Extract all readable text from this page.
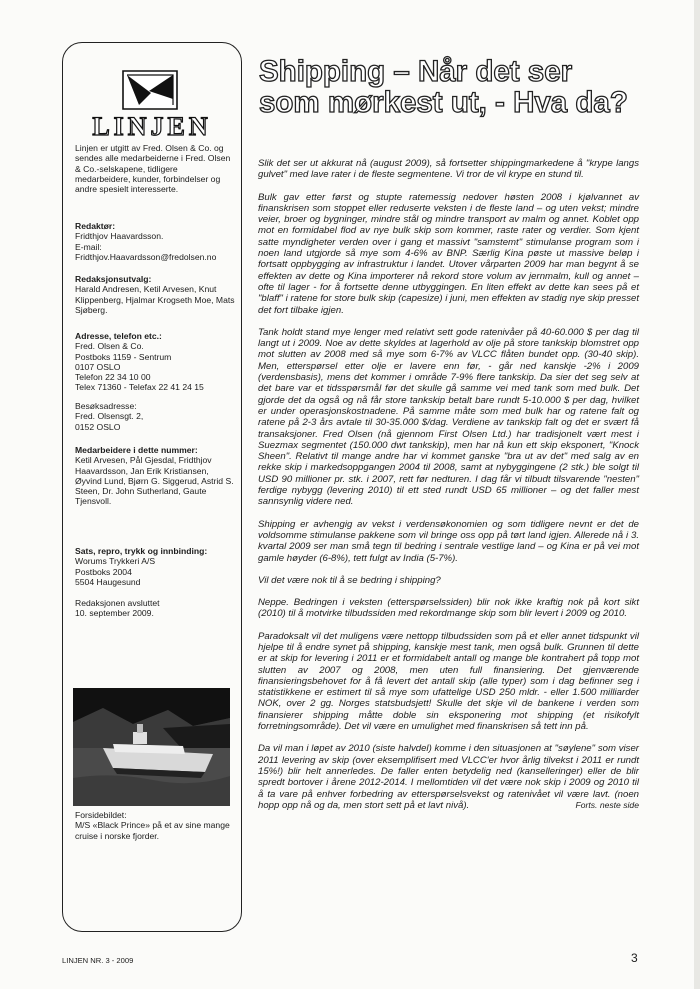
LINJEN
Linjen er utgitt av Fred. Olsen & Co. og sendes alle medarbeiderne i Fred. Olsen & Co.-selskapene, tidligere medarbeidere, kunder, forbindelser og andre spesielt interesserte.
Redaktør:
Fridthjov Haavardsson.
E-mail:
Fridthjov.Haavardsson@fredolsen.no
Redaksjonsutvalg:
Harald Andresen, Ketil Arvesen, Knut Klippenberg, Hjalmar Krogseth Moe, Mats Sjøberg.
Adresse, telefon etc.:
Fred. Olsen & Co.
Postboks 1159 - Sentrum
0107 OSLO
Telefon 22 34 10 00
Telex 71360 - Telefax 22 41 24 15
Besøksadresse:
Fred. Olsensgt. 2,
0152 OSLO
Medarbeidere i dette nummer:
Ketil Arvesen, Pål Gjesdal, Fridthjov Haavardsson, Jan Erik Kristiansen, Øyvind Lund, Bjørn G. Siggerud, Astrid S. Steen, Dr. John Sutherland, Gaute Tjensvoll.
Sats, repro, trykk og innbinding:
Worums Trykkeri A/S
Postboks 2004
5504 Haugesund
Redaksjonen avsluttet
10. september 2009.
Forsidebildet:
M/S «Black Prince» på et av sine mange cruise i norske fjorder.
Shipping – Når det ser
som mørkest ut, - Hva da?

Slik det ser ut akkurat nå (august 2009), så fortsetter shippingmarkedene å "krype langs gulvet" med lave rater i de fleste segmentene. Vi tror de vil krype en stund til.

Bulk gav etter først og stupte ratemessig nedover høsten 2008 i kjølvannet av finanskrisen som stoppet eller reduserte veksten i de fleste land – og uten vekst; mindre veier, broer og bygninger, mindre stål og mindre transport av malm og annet. Koblet opp mot en formidabel flod av nye bulk skip som kommer, raste rater og verdier. Som kjent satte myndigheter verden over i gang et massivt "samstemt" stimulanse program som i noen land utgjorde så mye som 4-6% av BNP. Særlig Kina pøste ut massive beløp i fortsatt oppbygging av infrastruktur i landet. Utover vårparten 2009 har man begynt å se effekten av dette og Kina importerer nå rekord store volum av jernmalm, kull og annet – ofte til lager - for å fortsette denne utbyggingen. En liten effekt av dette kan sees på et "blaff" i ratene for store bulk skip (capesize) i juni, men effekten av stadig nye skip presset det fort tilbake igjen.

Tank holdt stand mye lenger med relativt sett gode ratenivåer på 40-60.000 $ per dag til langt ut i 2009. Noe av dette skyldes at lagerhold av olje på store tankskip blomstret opp mot slutten av 2008 med så mye som 6-7% av VLCC flåten bundet opp. (30-40 skip). Men, etterspørsel etter olje er lavere enn før, - går ned kanskje -2% i 2009 (verdensbasis), mens det kommer i område 7-9% flere tankskip. Da sier det seg selv at det bare var et tidsspørsmål før det skulle gå samme vei med tank som med bulk. Det gjorde det da også og nå får store tankskip betalt bare rundt 5-10.000 $ per dag, hvilket er under operasjonskostnadene. På samme måte som med bulk har og ratene falt og ratene på 2-3 års avtale til 30-35.000 $/dag. Verdiene av tankskip falt og det er svært få transaksjoner. Fred Olsen (nå gjennom First Olsen Ltd.) har tradisjonelt vært mest i Suezmax segmentet (150.000 dwt tankskip), men har nå kun ett skip eksponert, "Knock Sheen". Relativt til mange andre har vi kommet ganske "bra ut av det" med salg av en rekke skip i markedsoppgangen 2004 til 2008, samt at nybyggingene (2 stk.) ble solgt til USD 90 millioner pr. stk. i 2007, rett før nedturen. I dag får vi tilbudt tilsvarende "nesten" ferdige nybygg (levering 2010) til ett sted rundt USD 65 millioner – og det faller mest sannsynlig videre ned.

Shipping er avhengig av vekst i verdensøkonomien og som tidligere nevnt er det de voldsomme stimulanse pakkene som vil bringe oss opp på tørt land igjen. Allerede nå i 3. kvartal 2009 ser man små tegn til bedring i sentrale vestlige land – og Kina er på vei mot gamle høyder (6-8%), tett fulgt av India (5-7%).

Vil det være nok til å se bedring i shipping?

Neppe. Bedringen i veksten (etterspørselssiden) blir nok ikke kraftig nok på kort sikt (2010) til å motvirke tilbudssiden med rekordmange skip som blir levert i 2009 og 2010.

Paradoksalt vil det muligens være nettopp tilbudssiden som på et eller annet tidspunkt vil hjelpe til å endre synet på shipping, kanskje mest tank, men også bulk. Grunnen til dette er at skip for levering i 2011 er et formidabelt antall og mange ble kontrahert på topp mot slutten av 2007 og 2008, men uten full finansiering. Det gjenværende finansieringsbehovet for å få levert det antall skip (alle typer) som i dag befinner seg i statistikkene er estimert til så mye som ufattelige USD 250 mldr. - eller 1.500 milliarder NOK, over 2 gg. Norges statsbudsjett! Skulle det skje vil de bankene i verden som finansierer shipping måtte doble sin eksponering mot shipping (et risikofylt forretningsområde). Det vil være en umulighet med finanskrisen så tett inn på.

Da vil man i løpet av 2010 (siste halvdel) komme i den situasjonen at "søylene" som viser 2011 levering av skip (over eksemplifisert med VLCC'er hvor årlig tilvekst i 2011 er rundt 15%!) blir helt annerledes. De faller enten betydelig ned (kanselleringer) eller de blir spredt bortover i årene 2012-2014. I mellomtiden vil det være nok skip i 2009 og 2010 til å ta vare på enhver forbedring av etterspørselsvekst og ratenivået vil være lavt. (noen hopp opp nå og da, men stort sett på et lavt nivå).	Forts. neste side

LINJEN NR. 3 - 2009	3
